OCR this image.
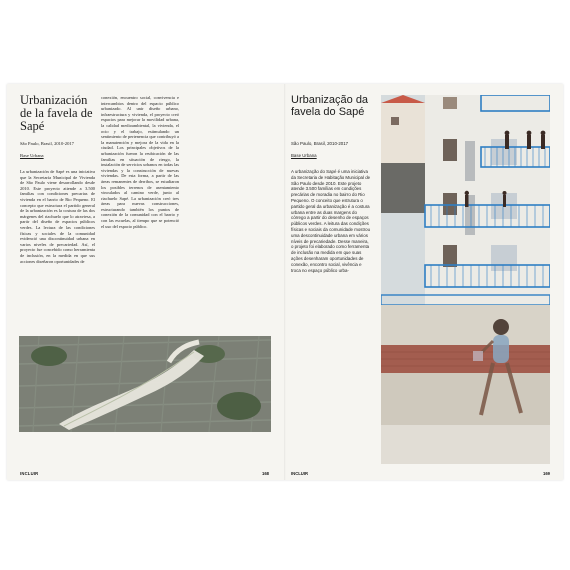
Urbanización de la favela de Sapé
São Paulo, Brasil, 2010-2017
Base Urbana

La urbanización de Sapé es una iniciativa que la Secretaría Municipal de Vivienda de São Paulo viene desarrollando desde 2010. Este proyecto atiende a 3.500 familias con condiciones precarias de vivienda en el barrio de Rio Pequeno. El concepto que estructura el partido general de la urbanización es la costura de las dos márgenes del riachuelo que lo atraviesa, a partir del diseño de espacios públicos verdes. La lectura de las condiciones físicas y sociales de la comunidad evidenció una discontinuidad urbana en varios niveles de precariedad. Así, el proyecto fue concebido como herramienta de inclusión, en la medida en que sus acciones diseñaron oportunidades de

conexión, encuentro social, convivencia e intercambios dentro del espacio público urbanizado. Al unir diseño urbano, infraestructura y vivienda, el proyecto creó espacios para mejorar la movilidad urbana, la calidad medioambiental, la vivienda, el ocio y el trabajo, estimulando un sentimiento de pertenencia que contribuyó a la manutención y mejora de la vida en la ciudad. Los principales objetivos de la urbanización fueron la reubicación de las familias en situación de riesgo, la instalación de servicios urbanos en todas las viviendas y la construcción de nuevas viviendas. De esta forma, a partir de las áreas remanentes de derribos, se estudiaron los posibles terrenos de asentamiento vinculados al camino verde, junto al riachuelo Sapé. La urbanización creó tres áreas para nuevas construcciones, estructurando también los puntos de conexión de la comunidad con el barrio y con las escuelas, al tiempo que se potenció el uso del espacio público.

INCLUIR	168
Urbanização da favela do Sapé
São Paulo, Brasil, 2010-2017
Base Urbana

A urbanização do Sapé é uma iniciativa da Secretaria de Habitação Municipal de São Paulo desde 2010. Este projeto atende 3.500 famílias em condições precárias de moradia no bairro do Rio Pequeno. O conceito que estrutura o partido geral da urbanização é a costura urbana entre as duas margens do córrego a partir do desenho de espaços públicos verdes. A leitura das condições físicas e sociais da comunidade mostrou uma descontinuidade urbana em vários níveis de precariedade. Desse maneira, o projeto foi elaborado como ferramenta de inclusão na medida em que suas ações desenharam oportunidades de conexão, encontro social, vivência e troca no espaço público urba-

INCLUIR	169
